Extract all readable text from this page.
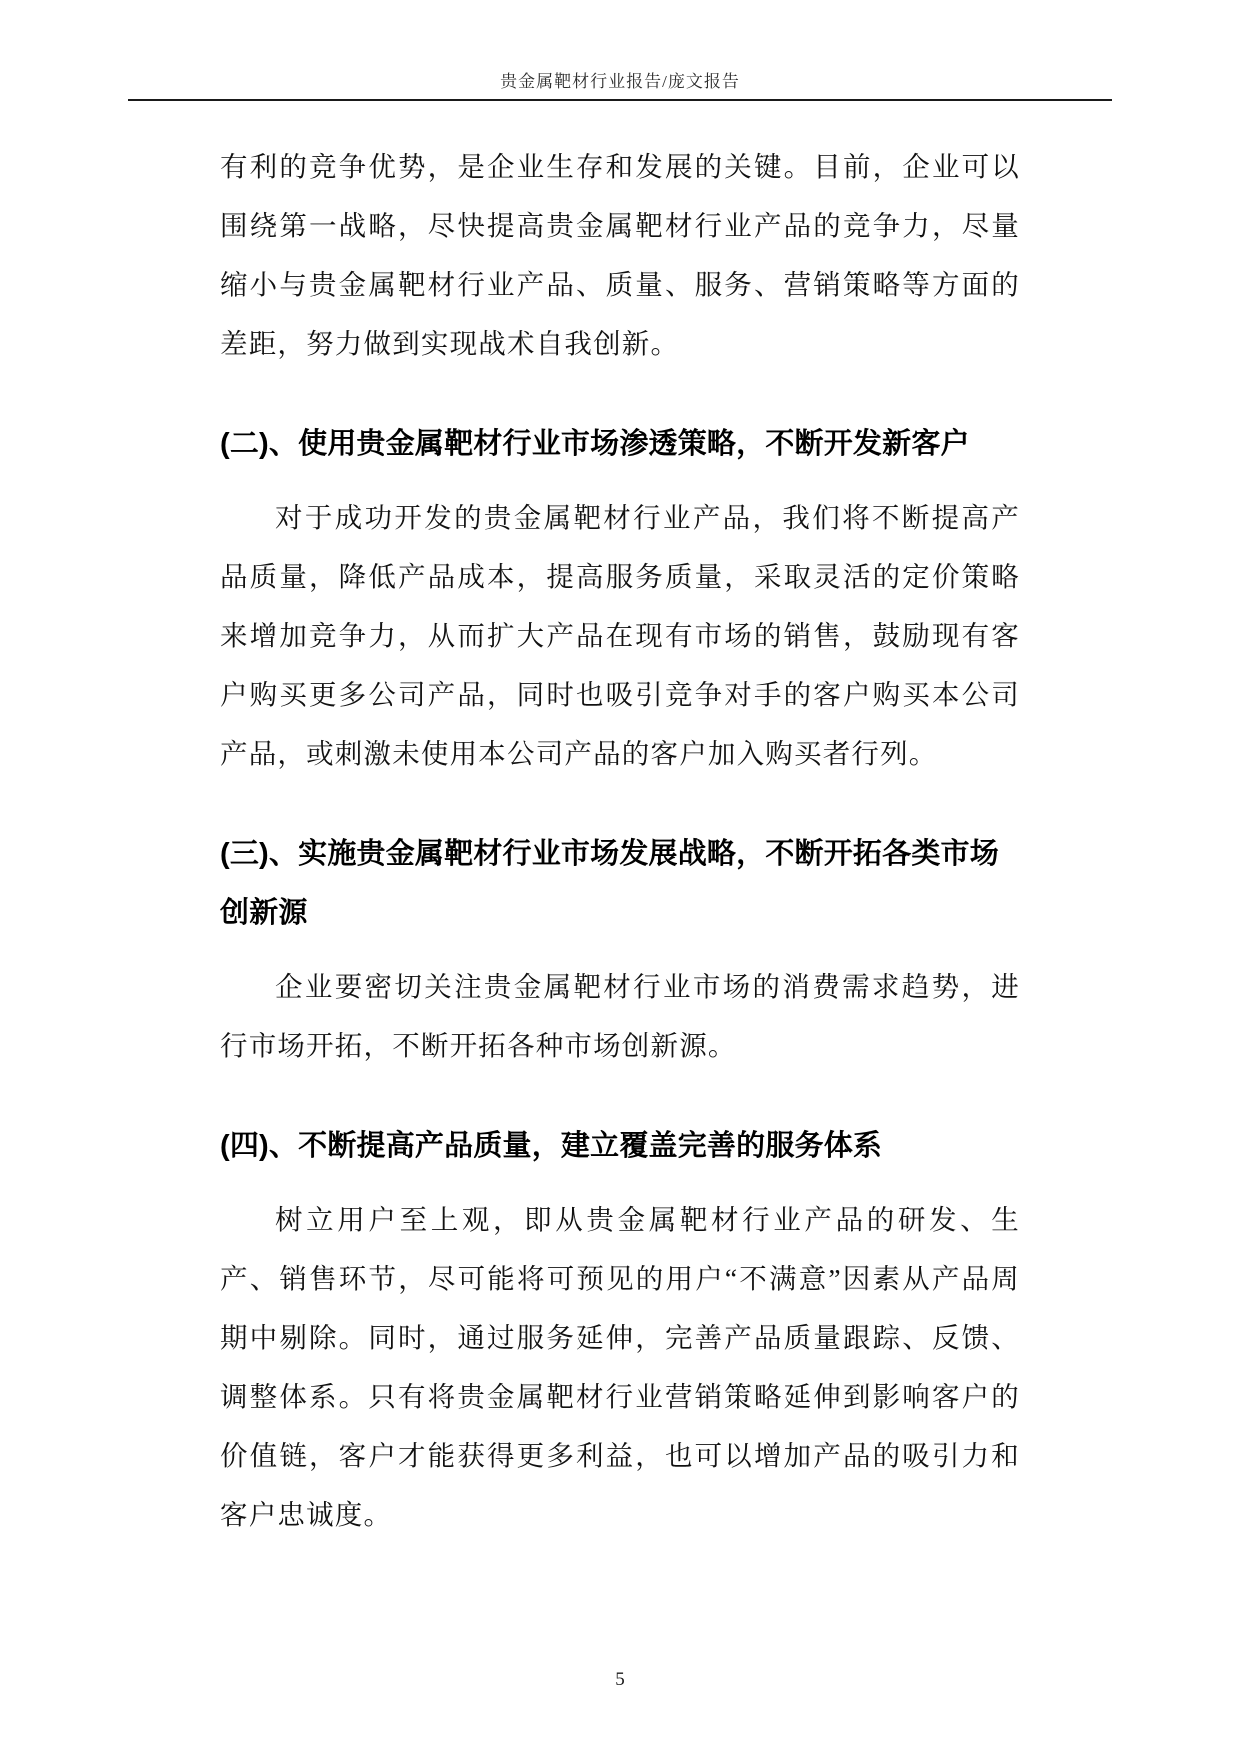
贵金属靶材行业报告/庞文报告

有利的竞争优势，是企业生存和发展的关键。目前，企业可以围绕第一战略，尽快提高贵金属靶材行业产品的竞争力，尽量缩小与贵金属靶材行业产品、质量、服务、营销策略等方面的差距，努力做到实现战术自我创新。

(二)、使用贵金属靶材行业市场渗透策略，不断开发新客户

对于成功开发的贵金属靶材行业产品，我们将不断提高产品质量，降低产品成本，提高服务质量，采取灵活的定价策略来增加竞争力，从而扩大产品在现有市场的销售，鼓励现有客户购买更多公司产品，同时也吸引竞争对手的客户购买本公司产品，或刺激未使用本公司产品的客户加入购买者行列。

(三)、实施贵金属靶材行业市场发展战略，不断开拓各类市场创新源

企业要密切关注贵金属靶材行业市场的消费需求趋势，进行市场开拓，不断开拓各种市场创新源。

(四)、不断提高产品质量，建立覆盖完善的服务体系

树立用户至上观，即从贵金属靶材行业产品的研发、生产、销售环节，尽可能将可预见的用户“不满意”因素从产品周期中剔除。同时，通过服务延伸，完善产品质量跟踪、反馈、调整体系。只有将贵金属靶材行业营销策略延伸到影响客户的价值链，客户才能获得更多利益，也可以增加产品的吸引力和客户忠诚度。

5
